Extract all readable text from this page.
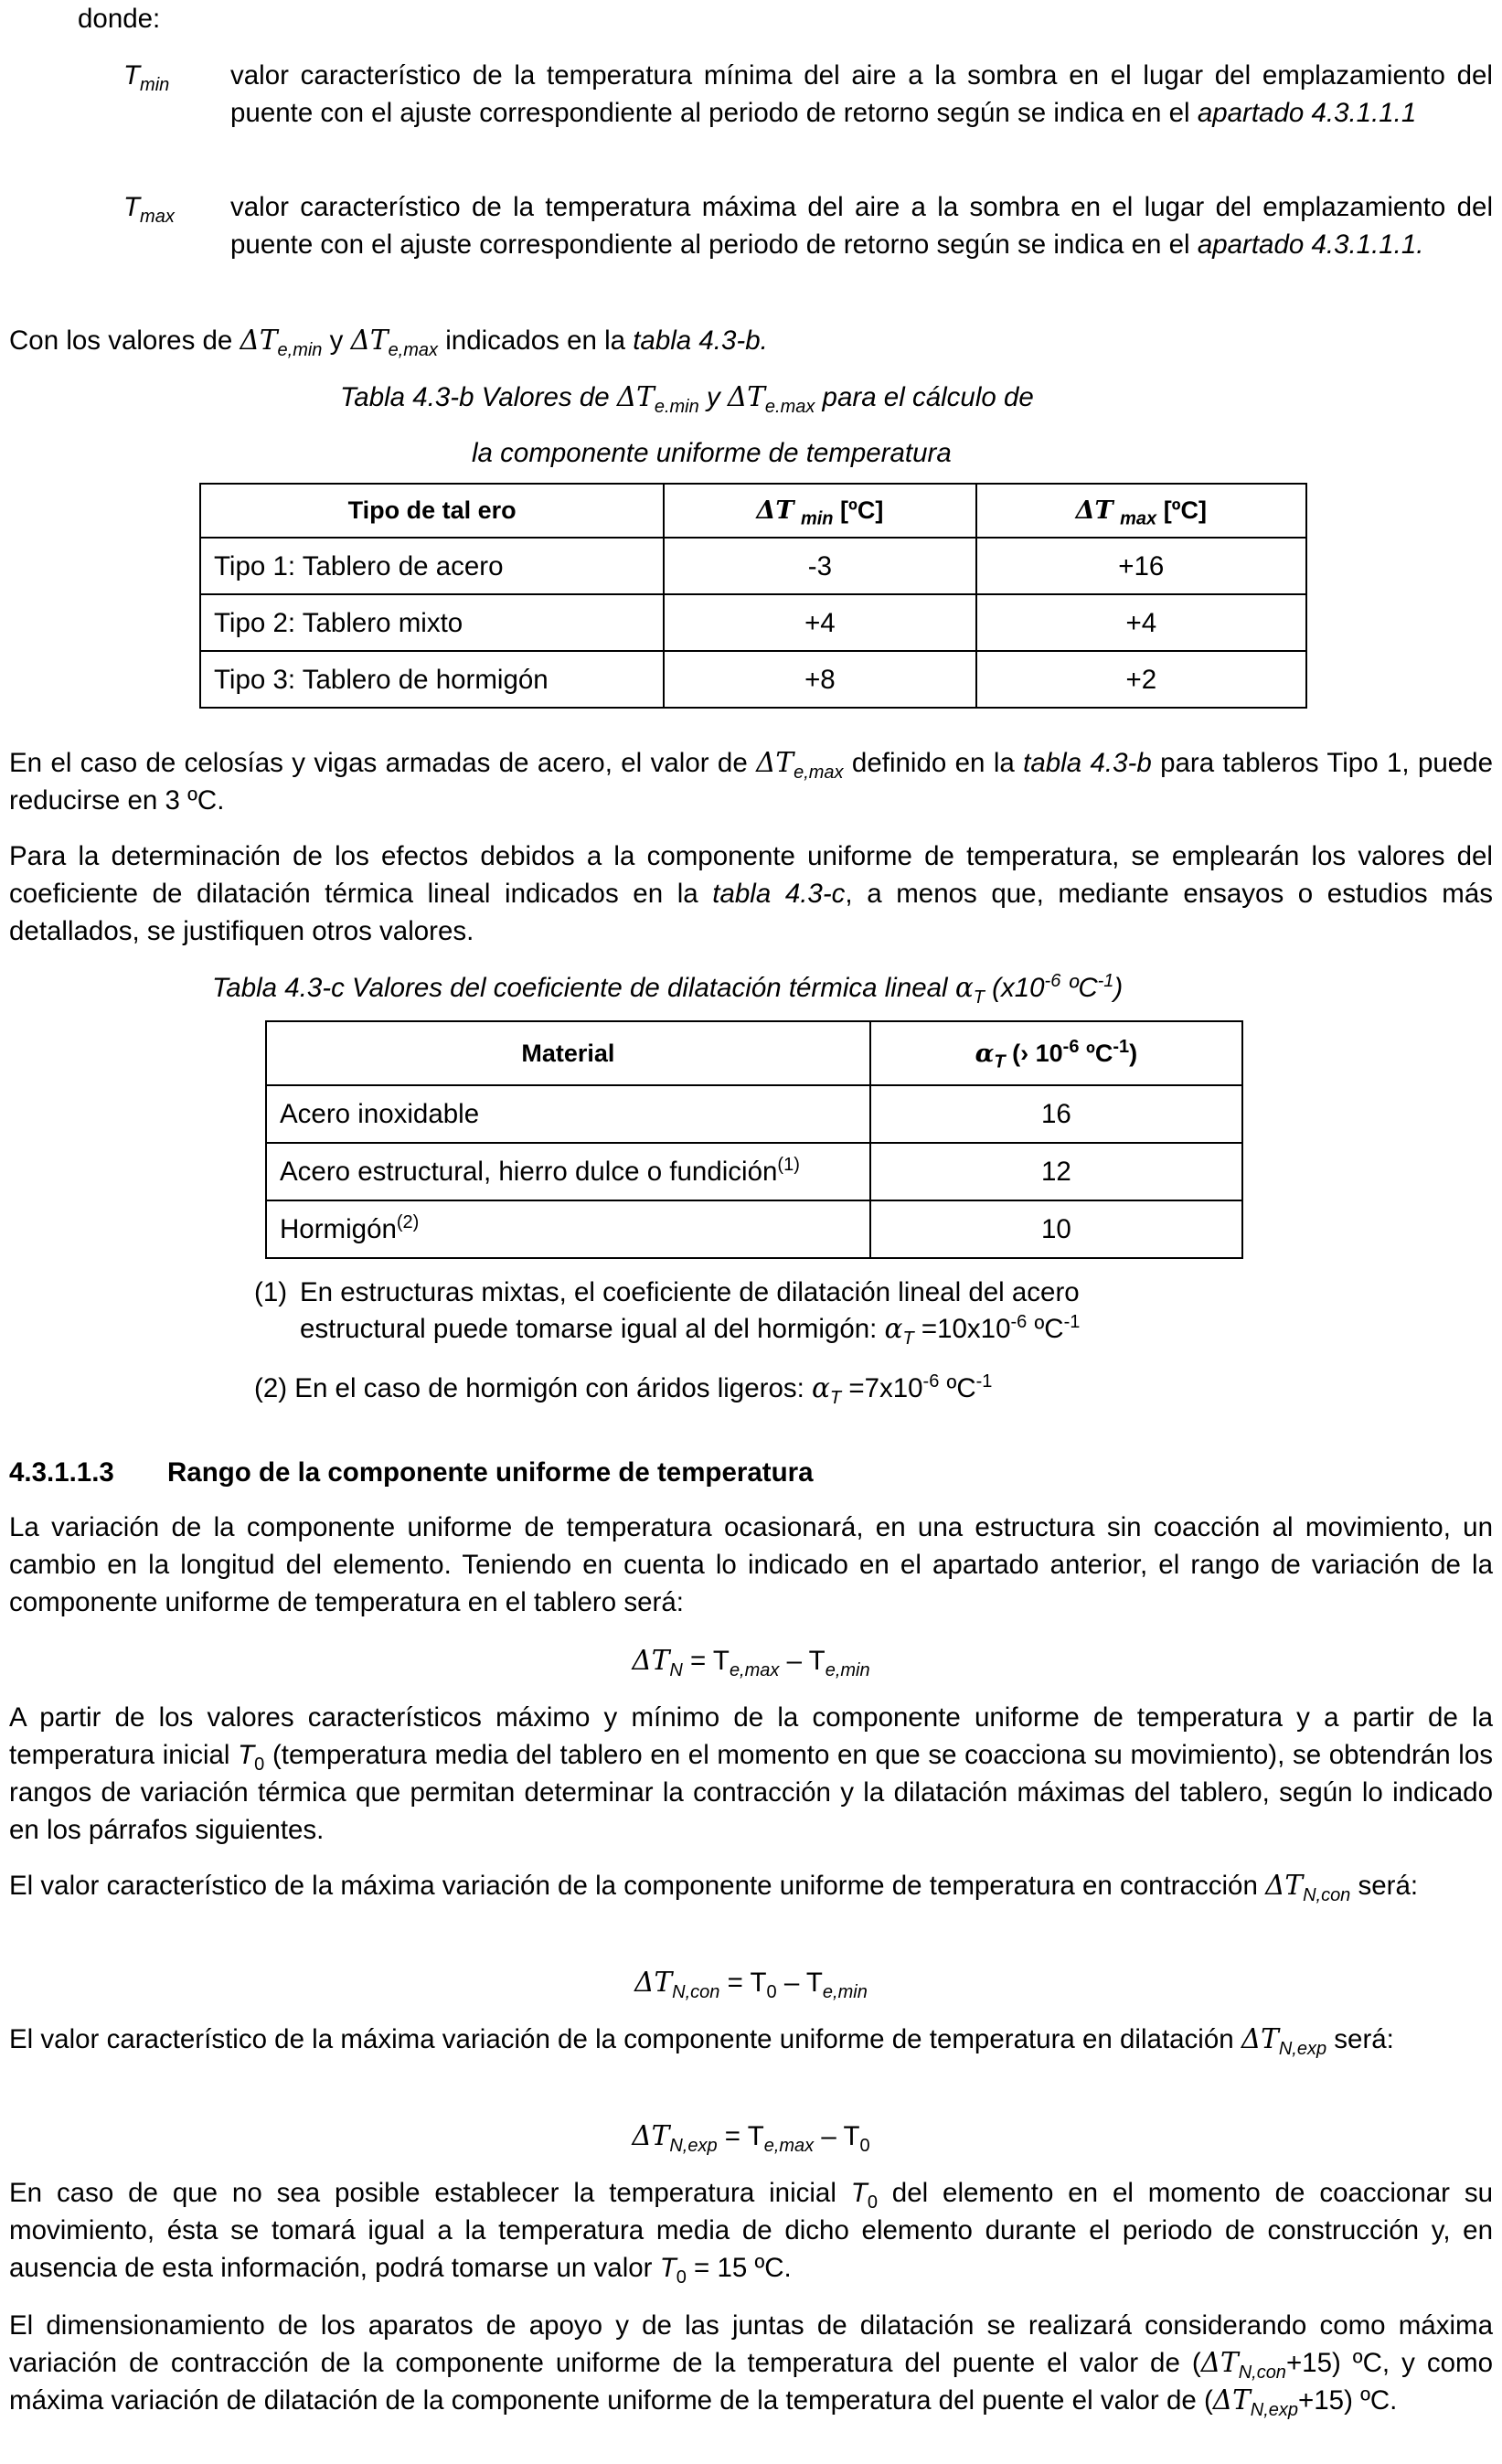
donde:
$T_{min}$ valor característico de la temperatura mínima del aire a la sombra en el lugar del emplazamiento del puente con el ajuste correspondiente al periodo de retorno según se indica en el apartado 4.3.1.1.1

$T_{max}$ valor característico de la temperatura máxima del aire a la sombra en el lugar del emplazamiento del puente con el ajuste correspondiente al periodo de retorno según se indica en el apartado 4.3.1.1.1.

Con los valores de $\Delta T_{e,min}$ y $\Delta T_{e,max}$ indicados en la tabla 4.3-b.

Tabla 4.3-b Valores de $\Delta T_{e.min}$ y $\Delta T_{e.max}$ para el cálculo de
la componente uniforme de temperatura
Tipo de tal ero	ΔT $_{min}$ [ºC]	ΔT $_{max}$ [ºC]
Tipo 1: Tablero de acero	-3	+16
Tipo 2: Tablero mixto	+4	+4
Tipo 3: Tablero de hormigón	+8	+2

En el caso de celosías y vigas armadas de acero, el valor de $\Delta T_{e,max}$ definido en la tabla 4.3-b para tableros Tipo 1, puede reducirse en 3 ºC.

Para la determinación de los efectos debidos a la componente uniforme de temperatura, se emplearán los valores del coeficiente de dilatación térmica lineal indicados en la tabla 4.3-c, a menos que, mediante ensayos o estudios más detallados, se justifiquen otros valores.

Tabla 4.3-c Valores del coeficiente de dilatación térmica lineal $\alpha_T$ ($x10^{-6}$ ºC$^{-1}$)
Material	$\alpha_T$ (› $10^{-6}$ ºC$^{-1}$)
Acero inoxidable	16
Acero estructural, hierro dulce o fundición$^{(1)}$	12
Hormigón$^{(2)}$	10
(1) En estructuras mixtas, el coeficiente de dilatación lineal del acero
estructural puede tomarse igual al del hormigón: $\alpha_T =10x10^{-6}$ ºC$^{-1}$
(2) En el caso de hormigón con áridos ligeros: $\alpha_T =7x10^{-6}$ ºC$^{-1}$
4.3.1.1.3 Rango de la componente uniforme de temperatura

La variación de la componente uniforme de temperatura ocasionará, en una estructura sin coacción al movimiento, un cambio en la longitud del elemento. Teniendo en cuenta lo indicado en el apartado anterior, el rango de variación de la componente uniforme de temperatura en el tablero será:

$\Delta T_N = T_{e,max} - T_{e,min}$

A partir de los valores característicos máximo y mínimo de la componente uniforme de temperatura y a partir de la temperatura inicial $T_0$ (temperatura media del tablero en el momento en que se coacciona su movimiento), se obtendrán los rangos de variación térmica que permitan determinar la contracción y la dilatación máximas del tablero, según lo indicado en los párrafos siguientes.

El valor característico de la máxima variación de la componente uniforme de temperatura en contracción $\Delta T_{N,con}$ será:

$\Delta T_{N,con} = T_0 - T_{e,min}$

El valor característico de la máxima variación de la componente uniforme de temperatura en dilatación $\Delta T_{N,exp}$ será:

$\Delta T_{N,exp} = T_{e,max} - T_0$

En caso de que no sea posible establecer la temperatura inicial $T_0$ del elemento en el momento de coaccionar su movimiento, ésta se tomará igual a la temperatura media de dicho elemento durante el periodo de construcción y, en ausencia de esta información, podrá tomarse un valor $T_0 = 15$ ºC.

El dimensionamiento de los aparatos de apoyo y de las juntas de dilatación se realizará considerando como máxima variación de contracción de la componente uniforme de la temperatura del puente el valor de $(\Delta T_{N,con}+15)$ ºC, y como máxima variación de dilatación de la componente uniforme de la temperatura del puente el valor de $(\Delta T_{N,exp}+15)$ ºC.
